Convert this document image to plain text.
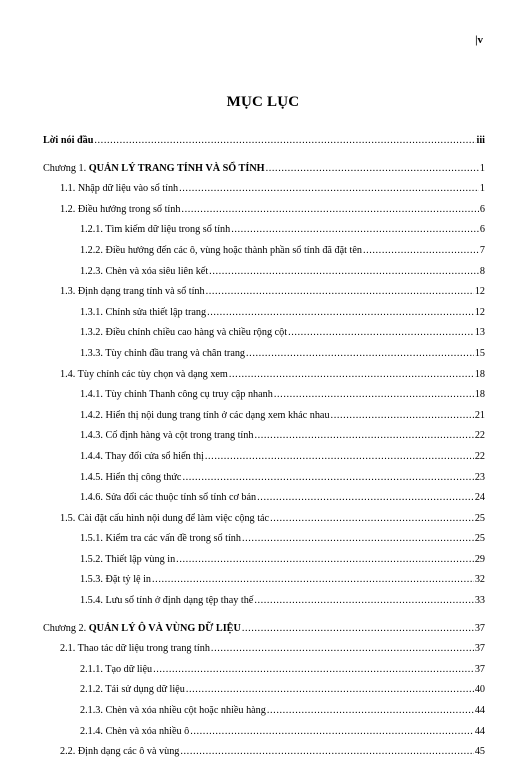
|v
MỤC LỤC
Lời nói đầu .....	iii
Chương 1. QUẢN LÝ TRANG TÍNH VÀ SỔ TÍNH .....	1
1.1. Nhập dữ liệu vào sổ tính .....	1
1.2. Điều hướng trong sổ tính .....	6
1.2.1. Tìm kiếm dữ liệu trong sổ tính .....	6
1.2.2. Điều hướng đến các ô, vùng hoặc thành phần sổ tính đã đặt tên .....	7
1.2.3. Chèn và xóa siêu liên kết .....	8
1.3. Định dạng trang tính và sổ tính .....	12
1.3.1. Chỉnh sửa thiết lập trang .....	12
1.3.2. Điều chỉnh chiều cao hàng và chiều rộng cột .....	13
1.3.3. Tùy chỉnh đầu trang và chân trang .....	15
1.4. Tùy chỉnh các tùy chọn và dạng xem .....	18
1.4.1. Tùy chỉnh Thanh công cụ truy cập nhanh .....	18
1.4.2. Hiển thị nội dung trang tính ở các dạng xem khác nhau .....	21
1.4.3. Cố định hàng và cột trong trang tính .....	22
1.4.4. Thay đổi cửa sổ hiển thị .....	22
1.4.5. Hiển thị công thức .....	23
1.4.6. Sửa đổi các thuộc tính sổ tính cơ bản .....	24
1.5. Cài đặt cấu hình nội dung để làm việc cộng tác .....	25
1.5.1. Kiểm tra các vấn đề trong sổ tính .....	25
1.5.2. Thiết lập vùng in .....	29
1.5.3. Đặt tỷ lệ in .....	32
1.5.4. Lưu sổ tính ở định dạng tệp thay thế .....	33
Chương 2. QUẢN LÝ Ô VÀ VÙNG DỮ LIỆU .....	37
2.1. Thao tác dữ liệu trong trang tính .....	37
2.1.1. Tạo dữ liệu .....	37
2.1.2. Tái sử dụng dữ liệu .....	40
2.1.3. Chèn và xóa nhiều cột hoặc nhiều hàng .....	44
2.1.4. Chèn và xóa nhiều ô .....	44
2.2. Định dạng các ô và vùng .....	45
